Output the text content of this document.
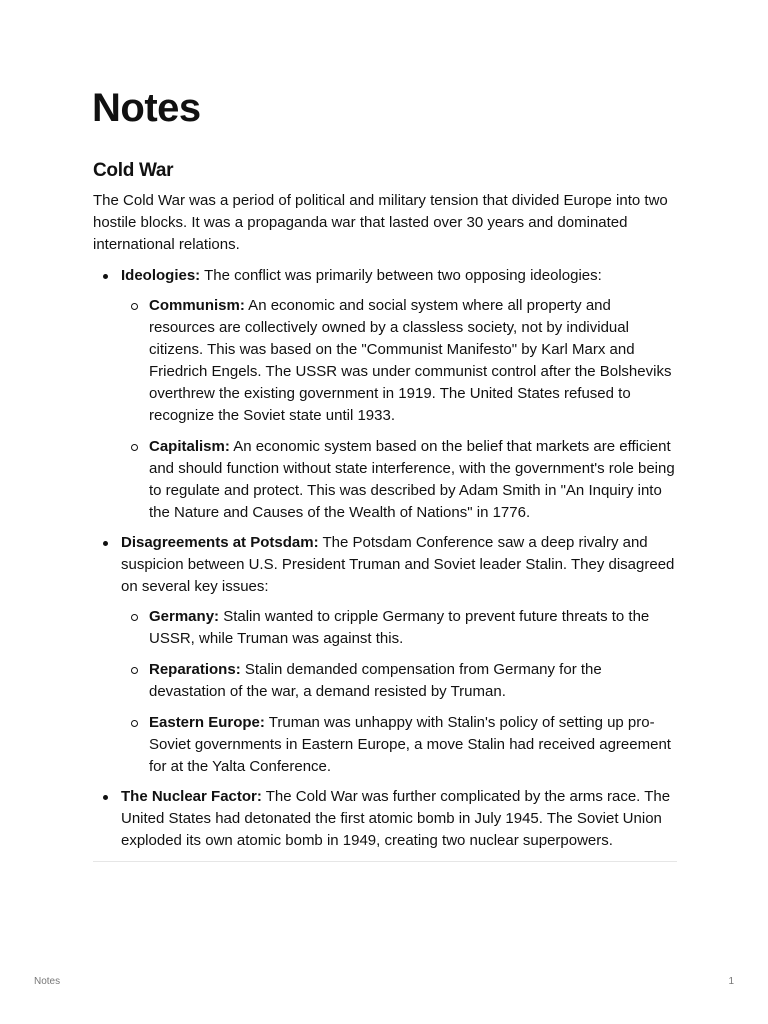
Notes
Cold War

The Cold War was a period of political and military tension that divided Europe into two hostile blocks. It was a propaganda war that lasted over 30 years and dominated international relations.

Ideologies: The conflict was primarily between two opposing ideologies:
Communism: An economic and social system where all property and resources are collectively owned by a classless society, not by individual citizens. This was based on the "Communist Manifesto" by Karl Marx and Friedrich Engels. The USSR was under communist control after the Bolsheviks overthrew the existing government in 1919. The United States refused to recognize the Soviet state until 1933.
Capitalism: An economic system based on the belief that markets are efficient and should function without state interference, with the government's role being to regulate and protect. This was described by Adam Smith in "An Inquiry into the Nature and Causes of the Wealth of Nations" in 1776.
Disagreements at Potsdam: The Potsdam Conference saw a deep rivalry and suspicion between U.S. President Truman and Soviet leader Stalin. They disagreed on several key issues:
Germany: Stalin wanted to cripple Germany to prevent future threats to the USSR, while Truman was against this.
Reparations: Stalin demanded compensation from Germany for the devastation of the war, a demand resisted by Truman.
Eastern Europe: Truman was unhappy with Stalin's policy of setting up pro-Soviet governments in Eastern Europe, a move Stalin had received agreement for at the Yalta Conference.
The Nuclear Factor: The Cold War was further complicated by the arms race. The United States had detonated the first atomic bomb in July 1945. The Soviet Union exploded its own atomic bomb in 1949, creating two nuclear superpowers.
Notes	1
